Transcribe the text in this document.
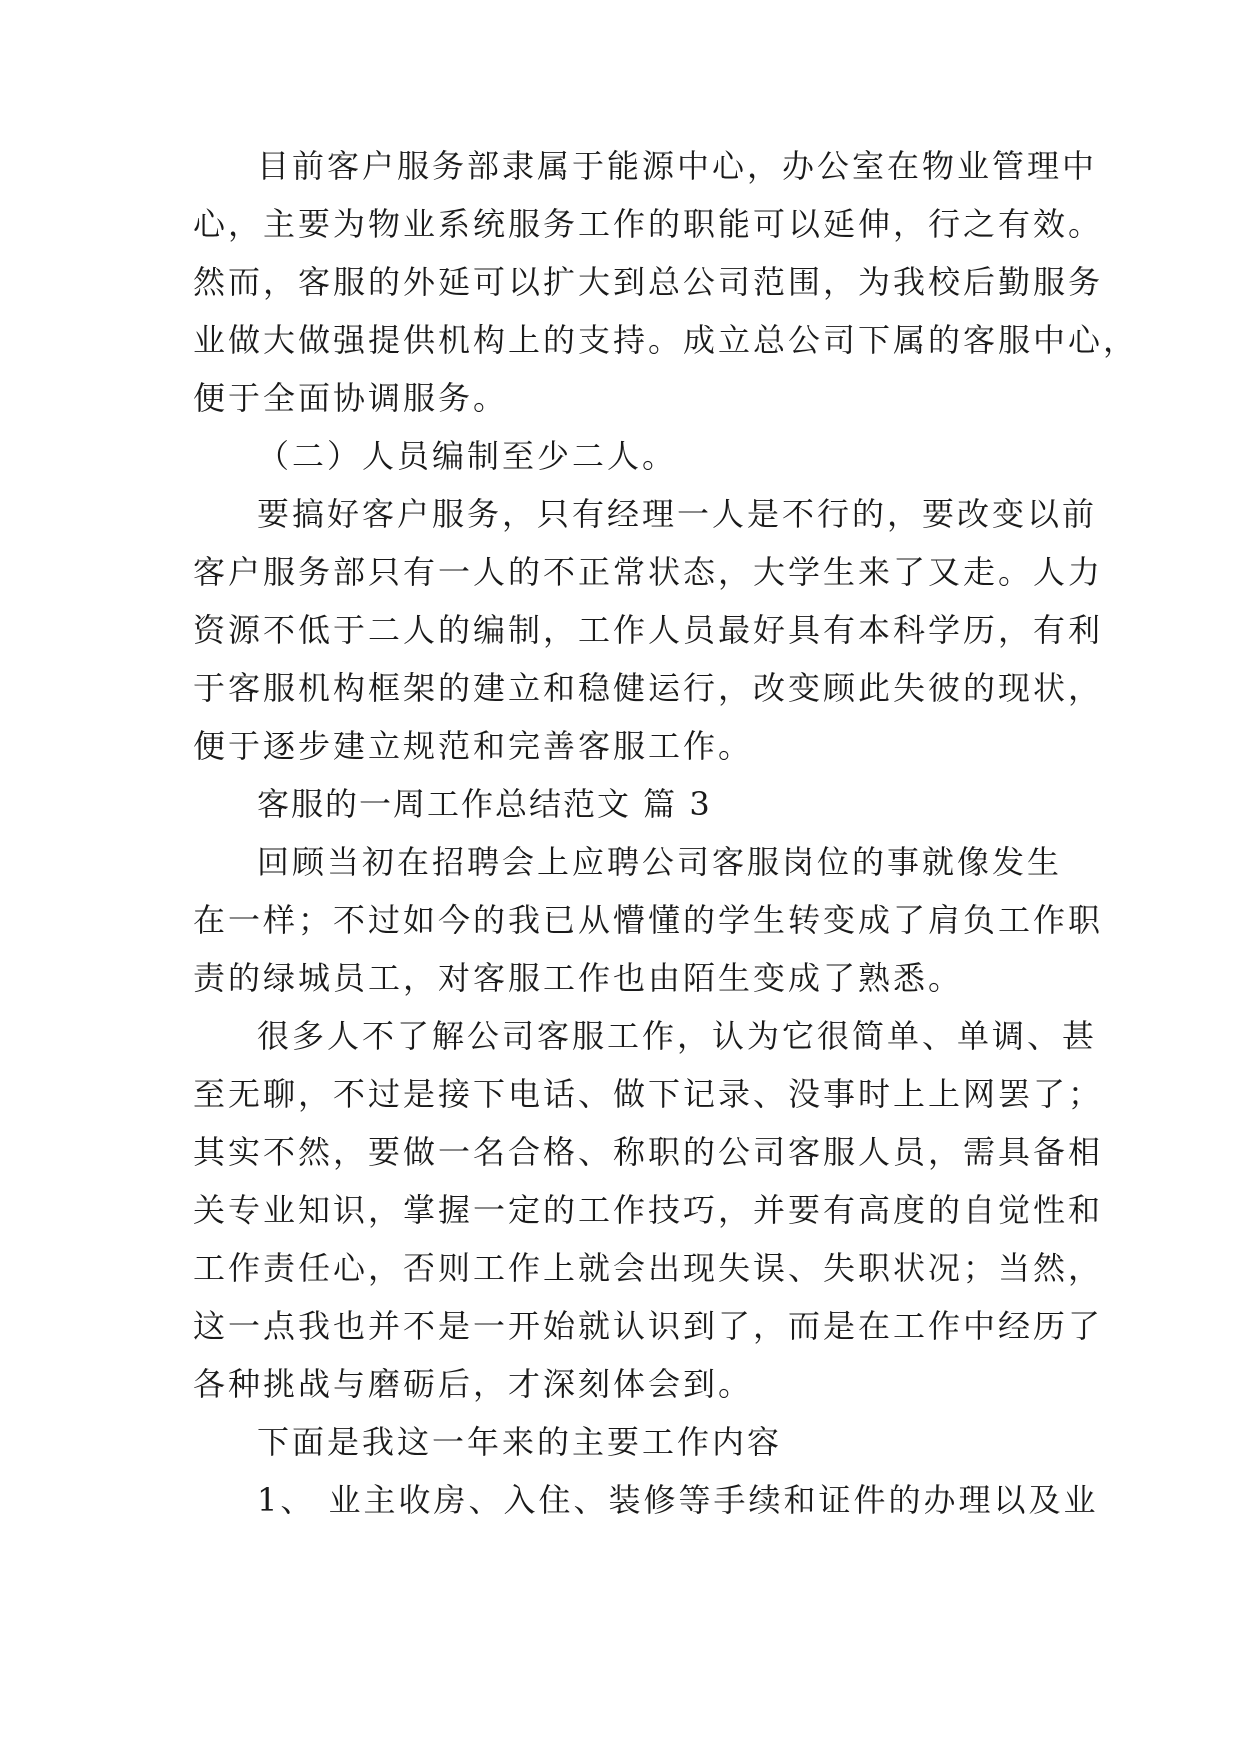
目前客户服务部隶属于能源中心，办公室在物业管理中
心，主要为物业系统服务工作的职能可以延伸，行之有效。
然而，客服的外延可以扩大到总公司范围，为我校后勤服务
业做大做强提供机构上的支持。成立总公司下属的客服中心，
便于全面协调服务。
（二）人员编制至少二人。
要搞好客户服务，只有经理一人是不行的，要改变以前
客户服务部只有一人的不正常状态，大学生来了又走。人力
资源不低于二人的编制，工作人员最好具有本科学历，有利
于客服机构框架的建立和稳健运行，改变顾此失彼的现状，
便于逐步建立规范和完善客服工作。
客服的一周工作总结范文 篇 3
回顾当初在招聘会上应聘公司客服岗位的事就像发生
在一样；不过如今的我已从懵懂的学生转变成了肩负工作职
责的绿城员工，对客服工作也由陌生变成了熟悉。
很多人不了解公司客服工作，认为它很简单、单调、甚
至无聊，不过是接下电话、做下记录、没事时上上网罢了；
其实不然，要做一名合格、称职的公司客服人员，需具备相
关专业知识，掌握一定的工作技巧，并要有高度的自觉性和
工作责任心，否则工作上就会出现失误、失职状况；当然，
这一点我也并不是一开始就认识到了，而是在工作中经历了
各种挑战与磨砺后，才深刻体会到。
下面是我这一年来的主要工作内容
1、 业主收房、入住、装修等手续和证件的办理以及业
